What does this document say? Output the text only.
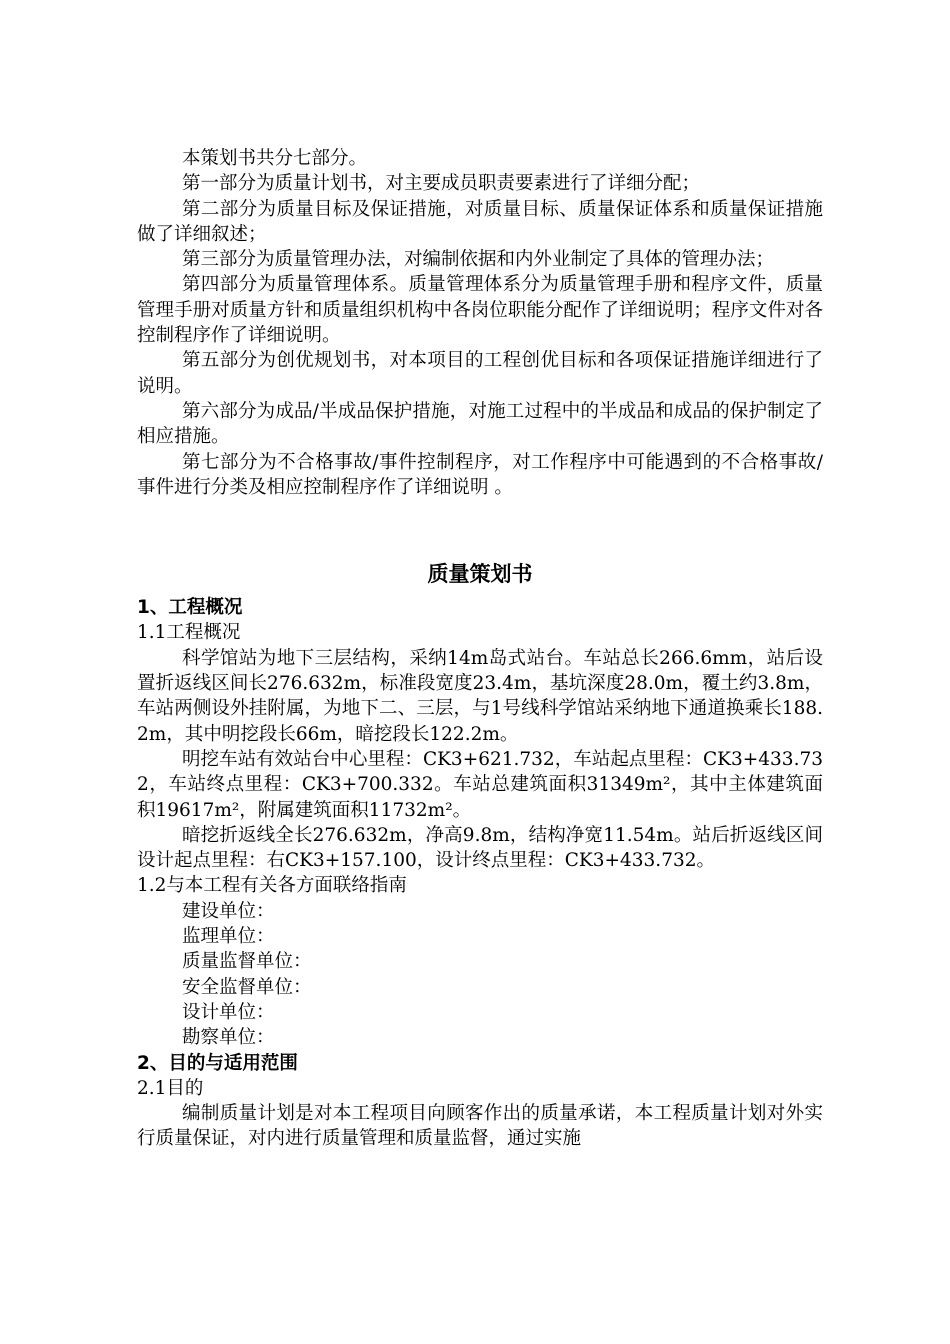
本策划书共分七部分。

第一部分为质量计划书，对主要成员职责要素进行了详细分配；

第二部分为质量目标及保证措施，对质量目标、质量保证体系和质量保证措施做了详细叙述；

第三部分为质量管理办法，对编制依据和内外业制定了具体的管理办法；

第四部分为质量管理体系。质量管理体系分为质量管理手册和程序文件，质量管理手册对质量方针和质量组织机构中各岗位职能分配作了详细说明；程序文件对各控制程序作了详细说明。

第五部分为创优规划书，对本项目的工程创优目标和各项保证措施详细进行了说明。

第六部分为成品/半成品保护措施，对施工过程中的半成品和成品的保护制定了相应措施。

第七部分为不合格事故/事件控制程序，对工作程序中可能遇到的不合格事故/事件进行分类及相应控制程序作了详细说明 。

质量策划书
1、工程概况

1.1工程概况

科学馆站为地下三层结构，采纳14m岛式站台。车站总长266.6mm，站后设置折返线区间长276.632m，标准段宽度23.4m，基坑深度28.0m，覆土约3.8m，车站两侧设外挂附属，为地下二、三层，与1号线科学馆站采纳地下通道换乘长188.2m，其中明挖段长66m，暗挖段长122.2m。

明挖车站有效站台中心里程：CK3+621.732，车站起点里程：CK3+433.732，车站终点里程：CK3+700.332。车站总建筑面积31349m²，其中主体建筑面积19617m²，附属建筑面积11732m²。

暗挖折返线全长276.632m，净高9.8m，结构净宽11.54m。站后折返线区间设计起点里程：右CK3+157.100，设计终点里程：CK3+433.732。

1.2与本工程有关各方面联络指南

建设单位：

监理单位：

质量监督单位：

安全监督单位：

设计单位：

勘察单位：

2、目的与适用范围

2.1目的

编制质量计划是对本工程项目向顾客作出的质量承诺，本工程质量计划对外实行质量保证，对内进行质量管理和质量监督，通过实施
